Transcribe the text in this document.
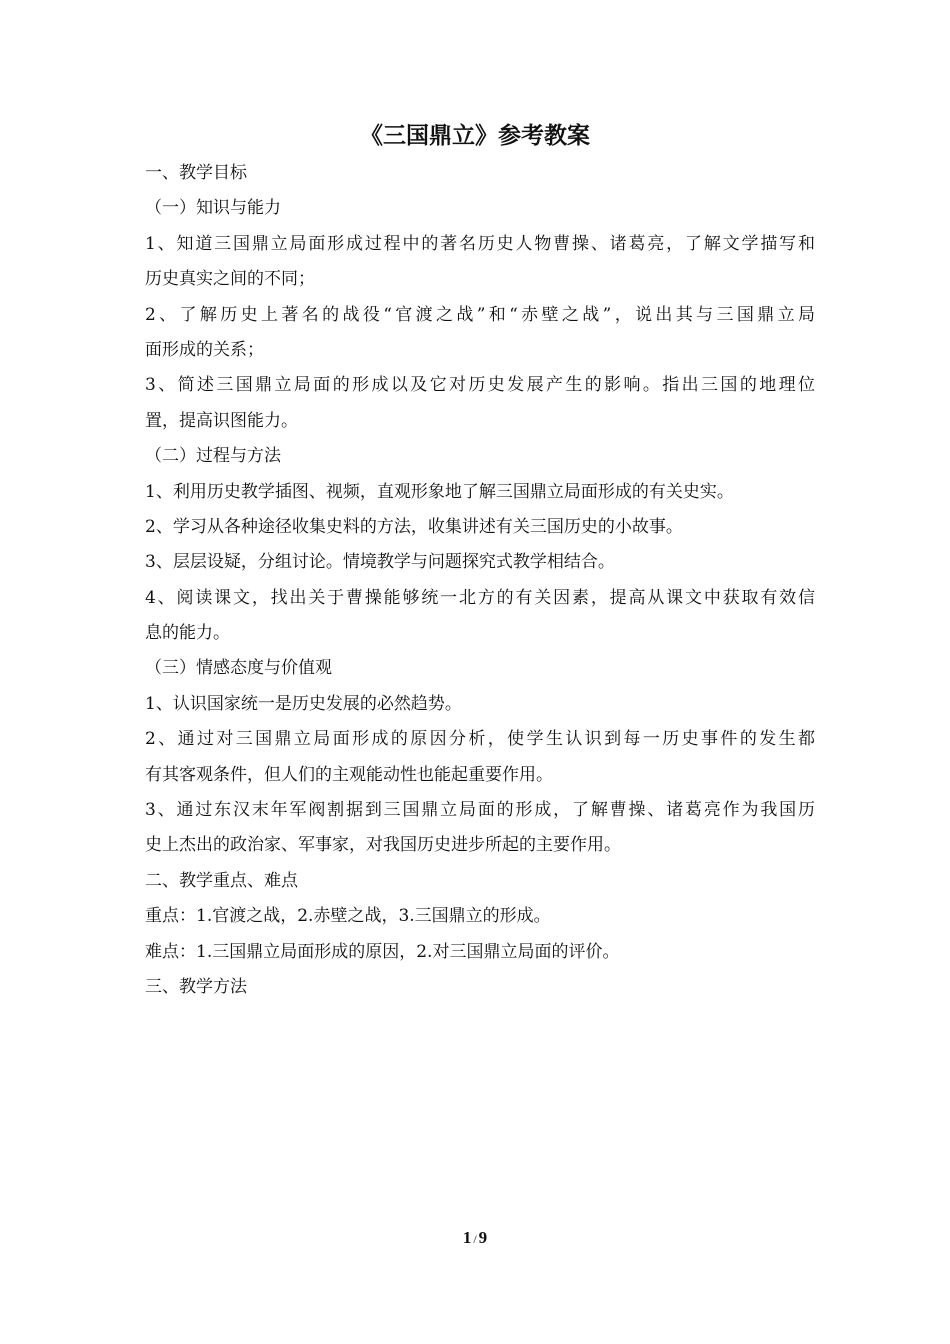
《三国鼎立》参考教案
一、教学目标
（一）知识与能力
1、知道三国鼎立局面形成过程中的著名历史人物曹操、诸葛亮，了解文学描写和
历史真实之间的不同；
2、了解历史上著名的战役“官渡之战”和“赤壁之战”，说出其与三国鼎立局
面形成的关系；
3、简述三国鼎立局面的形成以及它对历史发展产生的影响。指出三国的地理位
置，提高识图能力。
（二）过程与方法
1、利用历史教学插图、视频，直观形象地了解三国鼎立局面形成的有关史实。
2、学习从各种途径收集史料的方法，收集讲述有关三国历史的小故事。
3、层层设疑，分组讨论。情境教学与问题探究式教学相结合。
4、阅读课文，找出关于曹操能够统一北方的有关因素，提高从课文中获取有效信
息的能力。
（三）情感态度与价值观
1、认识国家统一是历史发展的必然趋势。
2、通过对三国鼎立局面形成的原因分析，使学生认识到每一历史事件的发生都
有其客观条件，但人们的主观能动性也能起重要作用。
3、通过东汉末年军阀割据到三国鼎立局面的形成，了解曹操、诸葛亮作为我国历
史上杰出的政治家、军事家，对我国历史进步所起的主要作用。
二、教学重点、难点
重点：1.官渡之战，2.赤壁之战，3.三国鼎立的形成。
难点：1.三国鼎立局面形成的原因，2.对三国鼎立局面的评价。
三、教学方法
1 / 9
